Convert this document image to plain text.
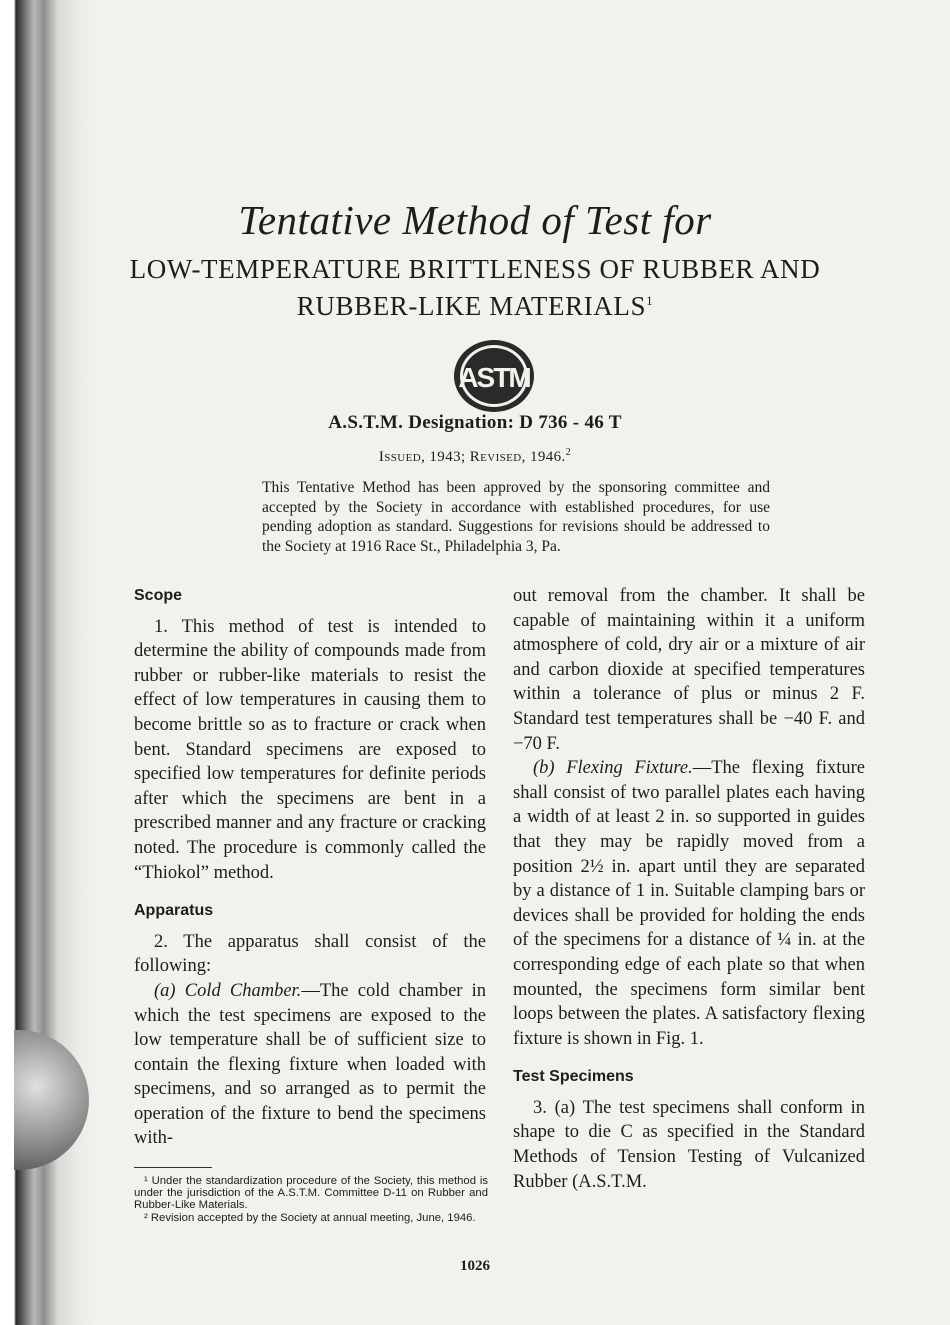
Tentative Method of Test for
LOW-TEMPERATURE BRITTLENESS OF RUBBER AND
RUBBER-LIKE MATERIALS$^1$
ASTM
A.S.T.M. Designation: D 736 - 46 T
Issued, 1943; Revised, 1946.$^2$
This Tentative Method has been approved by the sponsoring committee and accepted by the Society in accordance with established procedures, for use pending adoption as standard. Suggestions for revisions should be addressed to the Society at 1916 Race St., Philadelphia 3, Pa.
Scope

1. This method of test is intended to determine the ability of compounds made from rubber or rubber-like materials to resist the effect of low temperatures in causing them to become brittle so as to fracture or crack when bent. Standard specimens are exposed to specified low temperatures for definite periods after which the specimens are bent in a prescribed manner and any fracture or cracking noted. The procedure is commonly called the “Thiokol” method.

Apparatus

2. The apparatus shall consist of the following:

(a) Cold Chamber.—The cold chamber in which the test specimens are exposed to the low temperature shall be of sufficient size to contain the flexing fixture when loaded with specimens, and so arranged as to permit the operation of the fixture to bend the specimens with-

out removal from the chamber. It shall be capable of maintaining within it a uniform atmosphere of cold, dry air or a mixture of air and carbon dioxide at specified temperatures within a tolerance of plus or minus 2 F. Standard test temperatures shall be −40 F. and −70 F.

(b) Flexing Fixture.—The flexing fixture shall consist of two parallel plates each having a width of at least 2 in. so supported in guides that they may be rapidly moved from a position 2½ in. apart until they are separated by a distance of 1 in. Suitable clamping bars or devices shall be provided for holding the ends of the specimens for a distance of ¼ in. at the corresponding edge of each plate so that when mounted, the specimens form similar bent loops between the plates. A satisfactory flexing fixture is shown in Fig. 1.

Test Specimens

3. (a) The test specimens shall conform in shape to die C as specified in the Standard Methods of Tension Testing of Vulcanized Rubber (A.S.T.M.

¹ Under the standardization procedure of the Society, this method is under the jurisdiction of the A.S.T.M. Committee D-11 on Rubber and Rubber-Like Materials.

² Revision accepted by the Society at annual meeting, June, 1946.

1026
